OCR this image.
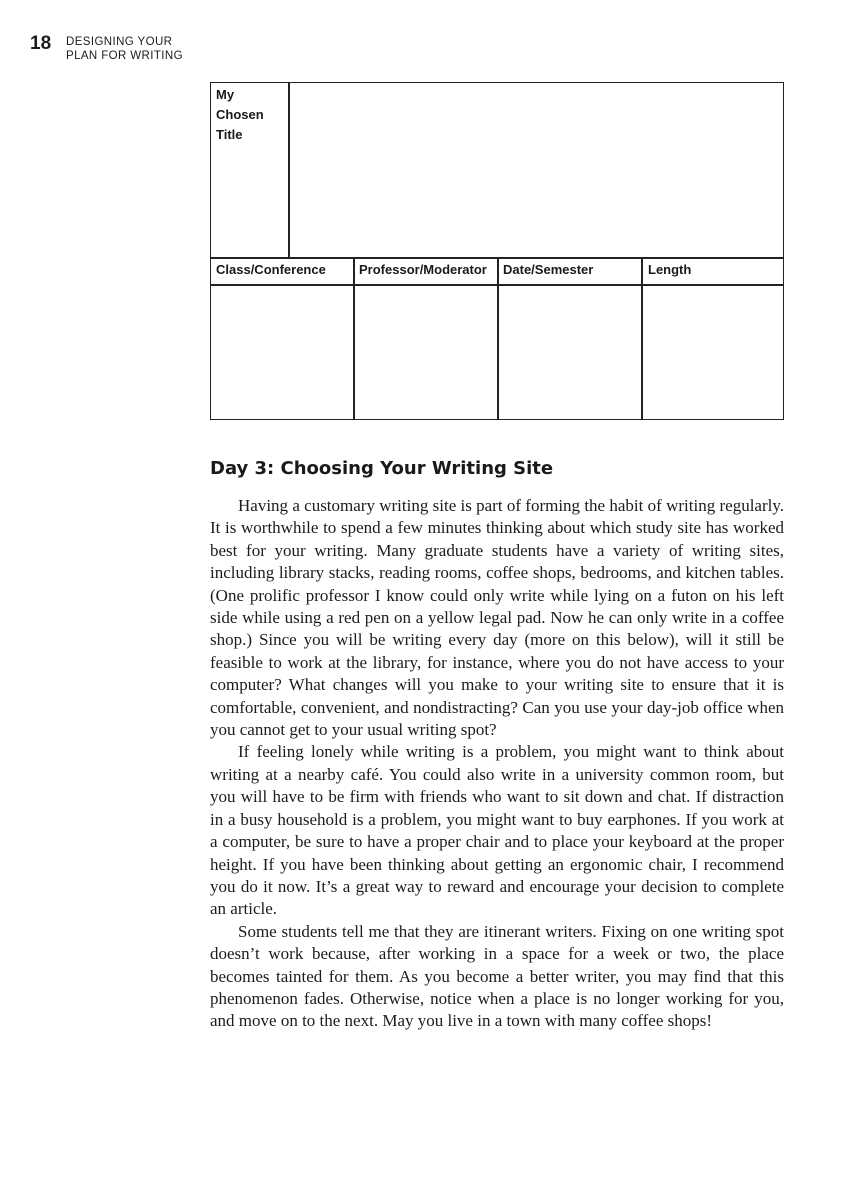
18 DESIGNING YOUR
PLAN FOR WRITING
My
Chosen
Title
Class/Conference	Professor/Moderator Date/Semester	Length
Day 3: Choosing Your Writing Site

Having a customary writing site is part of forming the habit of writing regularly. It is worthwhile to spend a few minutes thinking about which study site has worked best for your writing. Many graduate students have a variety of writing sites, including library stacks, reading rooms, coffee shops, bedrooms, and kitchen tables. (One prolific professor I know could only write while lying on a futon on his left side while using a red pen on a yellow legal pad. Now he can only write in a coffee shop.) Since you will be writing every day (more on this below), will it still be feasible to work at the library, for instance, where you do not have access to your computer? What changes will you make to your writing site to ensure that it is comfortable, convenient, and nondistracting? Can you use your day-job office when you cannot get to your usual writing spot?

If feeling lonely while writing is a problem, you might want to think about writing at a nearby café. You could also write in a university common room, but you will have to be firm with friends who want to sit down and chat. If distraction in a busy household is a problem, you might want to buy earphones. If you work at a computer, be sure to have a proper chair and to place your keyboard at the proper height. If you have been thinking about getting an ergonomic chair, I recommend you do it now. It’s a great way to reward and encourage your decision to complete an article.

Some students tell me that they are itinerant writers. Fixing on one writing spot doesn’t work because, after working in a space for a week or two, the place becomes tainted for them. As you become a better writer, you may find that this phenomenon fades. Otherwise, notice when a place is no longer working for you, and move on to the next. May you live in a town with many coffee shops!
